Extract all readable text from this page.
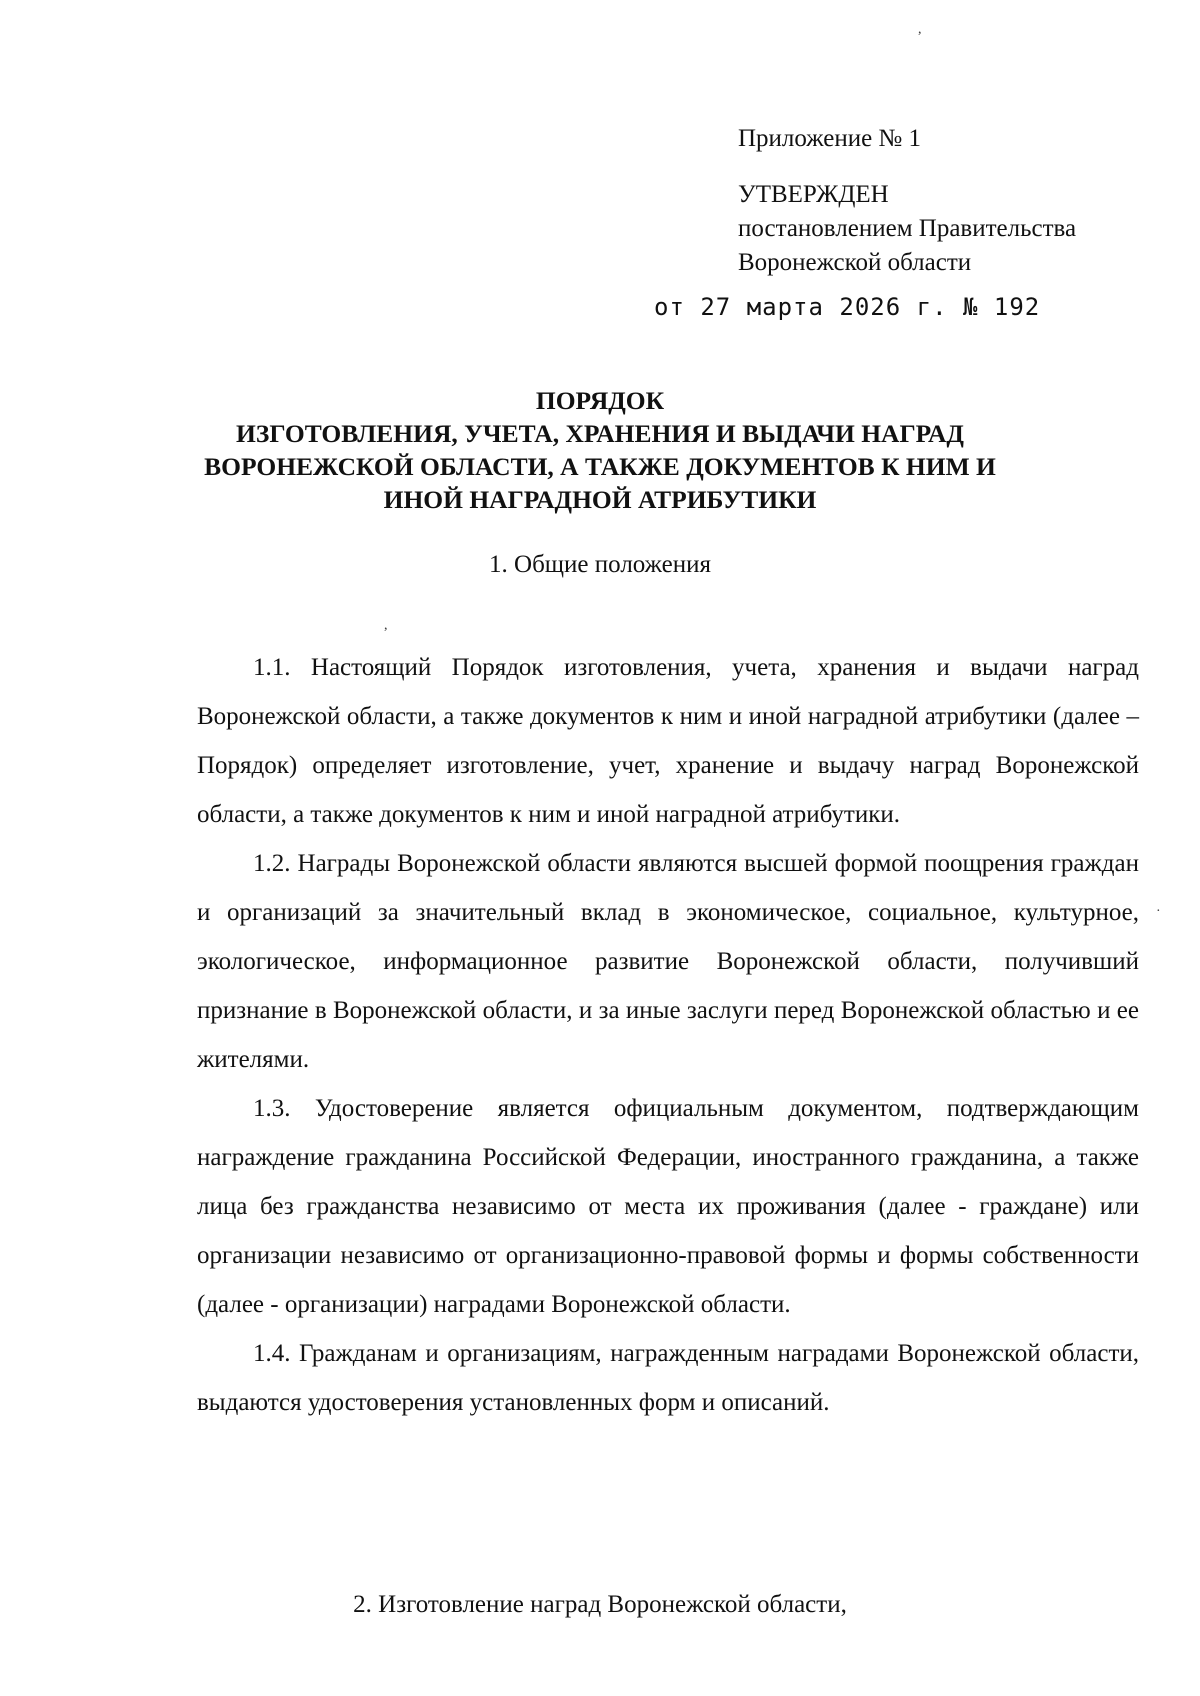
Приложение № 1
УТВЕРЖДЕН
постановлением Правительства
Воронежской области
от 27 марта 2026 г. № 192
ПОРЯДОК
ИЗГОТОВЛЕНИЯ, УЧЕТА, ХРАНЕНИЯ И ВЫДАЧИ НАГРАД
ВОРОНЕЖСКОЙ ОБЛАСТИ, А ТАКЖЕ ДОКУМЕНТОВ К НИМ И
ИНОЙ НАГРАДНОЙ АТРИБУТИКИ
1. Общие положения

1.1. Настоящий Порядок изготовления, учета, хранения и выдачи наград Воронежской области, а также документов к ним и иной наградной атрибутики (далее – Порядок) определяет изготовление, учет, хранение и выдачу наград Воронежской области, а также документов к ним и иной наградной атрибутики.

1.2. Награды Воронежской области являются высшей формой поощрения граждан и организаций за значительный вклад в экономическое, социальное, культурное, экологическое, информационное развитие Воронежской области, получивший признание в Воронежской области, и за иные заслуги перед Воронежской областью и ее жителями.

1.3. Удостоверение является официальным документом, подтверждающим награждение гражданина Российской Федерации, иностранного гражданина, а также лица без гражданства независимо от места их проживания (далее - граждане) или организации независимо от организационно-правовой формы и формы собственности (далее - организации) наградами Воронежской области.

1.4. Гражданам и организациям, награжденным наградами Воронежской области, выдаются удостоверения установленных форм и описаний.

2. Изготовление наград Воронежской области,
,
,
·
